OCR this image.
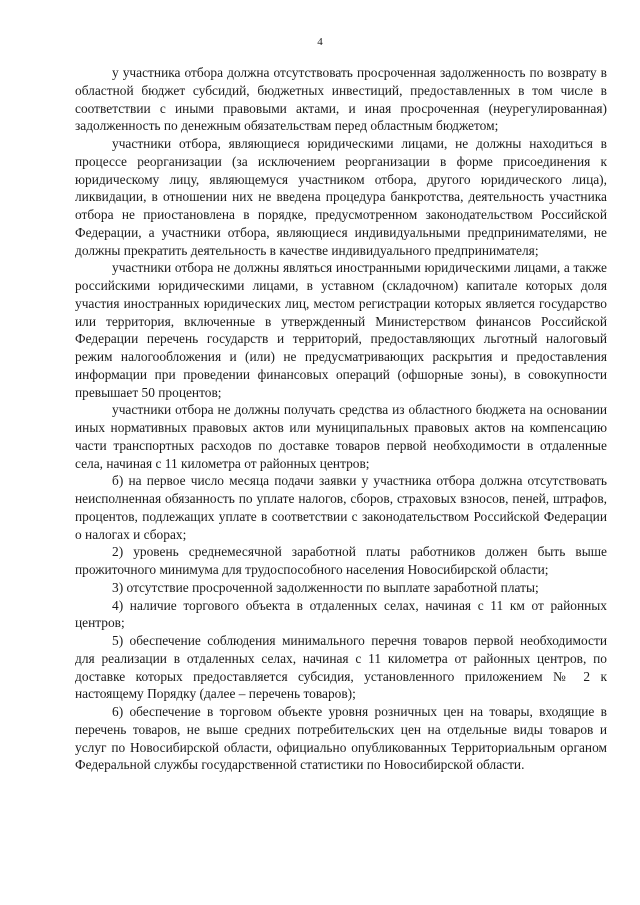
4

у участника отбора должна отсутствовать просроченная задолженность по возврату в областной бюджет субсидий, бюджетных инвестиций, предоставленных в том числе в соответствии с иными правовыми актами, и иная просроченная (неурегулированная) задолженность по денежным обязательствам перед областным бюджетом;

участники отбора, являющиеся юридическими лицами, не должны находиться в процессе реорганизации (за исключением реорганизации в форме присоединения к юридическому лицу, являющемуся участником отбора, другого юридического лица), ликвидации, в отношении них не введена процедура банкротства, деятельность участника отбора не приостановлена в порядке, предусмотренном законодательством Российской Федерации, а участники отбора, являющиеся индивидуальными предпринимателями, не должны прекратить деятельность в качестве индивидуального предпринимателя;

участники отбора не должны являться иностранными юридическими лицами, а также российскими юридическими лицами, в уставном (складочном) капитале которых доля участия иностранных юридических лиц, местом регистрации которых является государство или территория, включенные в утвержденный Министерством финансов Российской Федерации перечень государств и территорий, предоставляющих льготный налоговый режим налогообложения и (или) не предусматривающих раскрытия и предоставления информации при проведении финансовых операций (офшорные зоны), в совокупности превышает 50 процентов;

участники отбора не должны получать средства из областного бюджета на основании иных нормативных правовых актов или муниципальных правовых актов на компенсацию части транспортных расходов по доставке товаров первой необходимости в отдаленные села, начиная с 11 километра от районных центров;

б) на первое число месяца подачи заявки у участника отбора должна отсутствовать неисполненная обязанность по уплате налогов, сборов, страховых взносов, пеней, штрафов, процентов, подлежащих уплате в соответствии с законодательством Российской Федерации о налогах и сборах;

2) уровень среднемесячной заработной платы работников должен быть выше прожиточного минимума для трудоспособного населения Новосибирской области;

3) отсутствие просроченной задолженности по выплате заработной платы;

4) наличие торгового объекта в отдаленных селах, начиная с 11 км от районных центров;

5) обеспечение соблюдения минимального перечня товаров первой необходимости для реализации в отдаленных селах, начиная с 11 километра от районных центров, по доставке которых предоставляется субсидия, установленного приложением № 2 к настоящему Порядку (далее – перечень товаров);

6) обеспечение в торговом объекте уровня розничных цен на товары, входящие в перечень товаров, не выше средних потребительских цен на отдельные виды товаров и услуг по Новосибирской области, официально опубликованных Территориальным органом Федеральной службы государственной статистики по Новосибирской области.
